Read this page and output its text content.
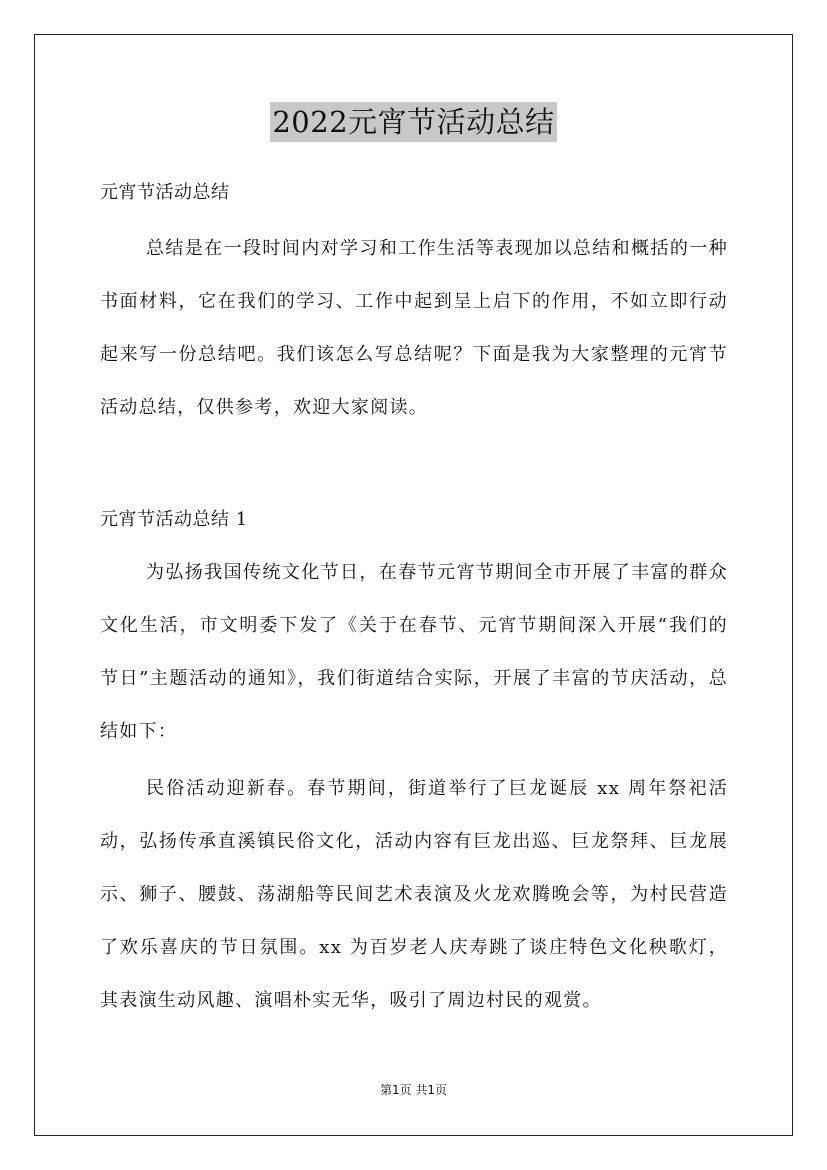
2022元宵节活动总结
元宵节活动总结
总结是在一段时间内对学习和工作生活等表现加以总结和概括的一种书面材料，它在我们的学习、工作中起到呈上启下的作用，不如立即行动起来写一份总结吧。我们该怎么写总结呢？下面是我为大家整理的元宵节活动总结，仅供参考，欢迎大家阅读。
元宵节活动总结 1
为弘扬我国传统文化节日，在春节元宵节期间全市开展了丰富的群众文化生活，市文明委下发了《关于在春节、元宵节期间深入开展“我们的节日”主题活动的通知》，我们街道结合实际，开展了丰富的节庆活动，总结如下：
民俗活动迎新春。春节期间，街道举行了巨龙诞辰 xx 周年祭祀活动，弘扬传承直溪镇民俗文化，活动内容有巨龙出巡、巨龙祭拜、巨龙展示、狮子、腰鼓、荡湖船等民间艺术表演及火龙欢腾晚会等，为村民营造了欢乐喜庆的节日氛围。xx 为百岁老人庆寿跳了谈庄特色文化秧歌灯，其表演生动风趣、演唱朴实无华，吸引了周边村民的观赏。
第1页 共1页
